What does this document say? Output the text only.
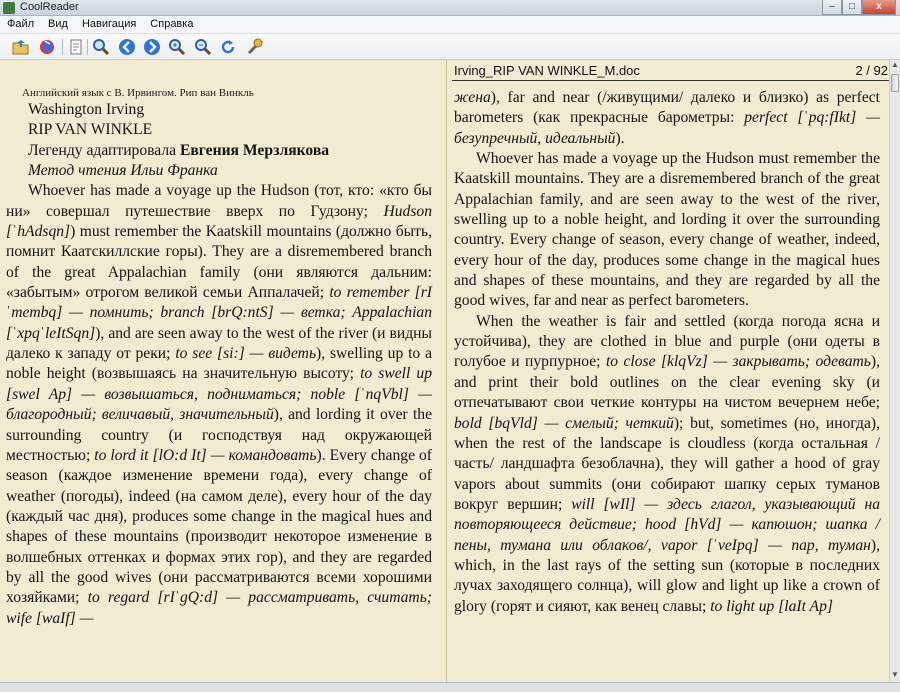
CoolReader	–	□	x
Файл	Вид	Навигация	Справка
Английский язык с В. Ирвингом. Рип ван Винкль

Washington Irving

RIP VAN WINKLE

Легенду адаптировала Евгения Мерзлякова

Метод чтения Ильи Франка

Whoever has made a voyage up the Hudson (тот, кто: «кто бы ни» совершал путешествие вверх по Гудзону; Hudson [ˈhAdsqn]) must remember the Kaatskill mountains (должно быть, помнит Каатскиллские горы). They are a disremembered branch of the great Appalachian family (они являются дальним: «забытым» отрогом великой семьи Аппалачей; to remember [rIˈmembq] — помнить; branch [brQ:ntS] — ветка; Appalachian [ˈxpqˈleItSqn]), and are seen away to the west of the river (и видны далеко к западу от реки; to see [si:] — видеть), swelling up to a noble height (возвышаясь на значительную высоту; to swell up [swel Ap] — возвышаться, подниматься; noble [ˈnqVbl] — благородный; величавый, значительный), and lording it over the surrounding country (и господствуя над окружающей местностью; to lord it [lO:d It] — командовать). Every change of season (каждое изменение времени года), every change of weather (погоды), indeed (на самом деле), every hour of the day (каждый час дня), produces some change in the magical hues and shapes of these mountains (производит некоторое изменение в волшебных оттенках и формах этих гор), and they are regarded by all the good wives (они рассматриваются всеми хорошими хозяйками; to regard [rIˈgQ:d] — рассматривать, считать; wife [waIf] —

Irving_RIP VAN WINKLE_M.doc	2 / 92

жена), far and near (/живущими/ далеко и близко) as perfect barometers (как прекрасные барометры: perfect [ˈpq:fIkt] — безупречный, идеальный).

Whoever has made a voyage up the Hudson must remember the Kaatskill mountains. They are a disremembered branch of the great Appalachian family, and are seen away to the west of the river, swelling up to a noble height, and lording it over the surrounding country. Every change of season, every change of weather, indeed, every hour of the day, produces some change in the magical hues and shapes of these mountains, and they are regarded by all the good wives, far and near as perfect barometers.

When the weather is fair and settled (когда погода ясна и устойчива), they are clothed in blue and purple (они одеты в голубое и пурпурное; to close [klqVz] — закрывать; одевать), and print their bold outlines on the clear evening sky (и отпечатывают свои четкие контуры на чистом вечернем небе; bold [bqVld] — смелый; четкий); but, sometimes (но, иногда), when the rest of the landscape is cloudless (когда остальная /часть/ ландшафта безоблачна), they will gather a hood of gray vapors about summits (они собирают шапку серых туманов вокруг вершин; will [wIl] — здесь глагол, указывающий на повторяющееся действие; hood [hVd] — капюшон; шапка /пены, тумана или облаков/, vapor [ˈveIpq] — пар, туман), which, in the last rays of the setting sun (которые в последних лучах заходящего солнца), will glow and light up like a crown of glory (горят и сияют, как венец славы; to light up [laIt Ap]

▲
▼
